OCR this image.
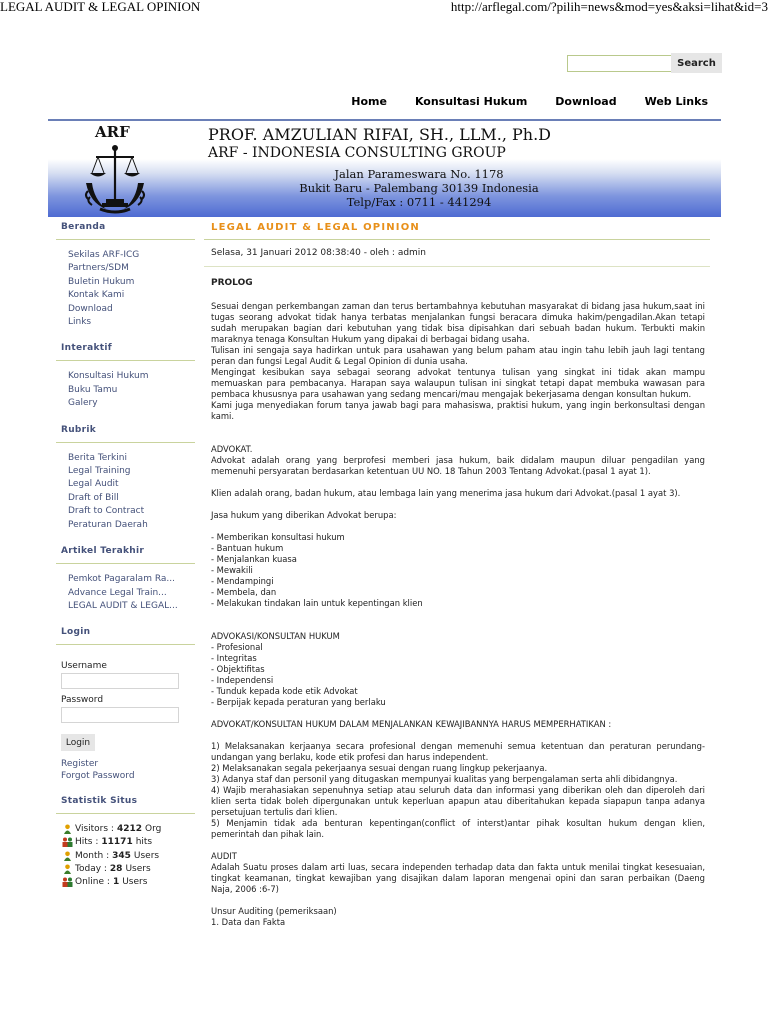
LEGAL AUDIT & LEGAL OPINION	http://arflegal.com/?pilih=news&mod=yes&aksi=lihat&id=3
Search
Home	Konsultasi Hukum	Download	Web Links
ARF	PROF. AMZULIAN RIFAI, SH., LLM., Ph.D
ARF - INDONESIA CONSULTING GROUP
Jalan Parameswara No. 1178
Bukit Baru - Palembang 30139 Indonesia
Telp/Fax : 0711 - 441294
Beranda
Sekilas ARF-ICG
Partners/SDM
Buletin Hukum
Kontak Kami
Download
Links
Interaktif
Konsultasi Hukum
Buku Tamu
Galery
Rubrik
Berita Terkini
Legal Training
Legal Audit
Draft of Bill
Draft to Contract
Peraturan Daerah
Artikel Terakhir
Pemkot Pagaralam Ra...
Advance Legal Train...
LEGAL AUDIT & LEGAL...
Login
Username
Password
Login
Register
Forgot Password
Statistik Situs
Visitors : 4212 Org
Hits : 11171 hits
Month : 345 Users
Today : 28 Users
Online : 1 Users
LEGAL AUDIT & LEGAL OPINION
Selasa, 31 Januari 2012 08:38:40 - oleh : admin
PROLOG
Sesuai dengan perkembangan zaman dan terus bertambahnya kebutuhan masyarakat di bidang jasa hukum,saat ini tugas seorang advokat tidak hanya terbatas menjalankan fungsi beracara dimuka hakim/pengadilan.Akan tetapi sudah merupakan bagian dari kebutuhan yang tidak bisa dipisahkan dari sebuah badan hukum. Terbukti makin maraknya tenaga Konsultan Hukum yang dipakai di berbagai bidang usaha.
Tulisan ini sengaja saya hadirkan untuk para usahawan yang belum paham atau ingin tahu lebih jauh lagi tentang peran dan fungsi Legal Audit & Legal Opinion di dunia usaha.
Mengingat kesibukan saya sebagai seorang advokat tentunya tulisan yang singkat ini tidak akan mampu memuaskan para pembacanya. Harapan saya walaupun tulisan ini singkat tetapi dapat membuka wawasan para pembaca khususnya para usahawan yang sedang mencari/mau mengajak bekerjasama dengan konsultan hukum.
Kami juga menyediakan forum tanya jawab bagi para mahasiswa, praktisi hukum, yang ingin berkonsultasi dengan kami.
ADVOKAT.
Advokat adalah orang yang berprofesi memberi jasa hukum, baik didalam maupun diluar pengadilan yang memenuhi persyaratan berdasarkan ketentuan UU NO. 18 Tahun 2003 Tentang Advokat.(pasal 1 ayat 1).
Klien adalah orang, badan hukum, atau lembaga lain yang menerima jasa hukum dari Advokat.(pasal 1 ayat 3).
Jasa hukum yang diberikan Advokat berupa:
- Memberikan konsultasi hukum
- Bantuan hukum
- Menjalankan kuasa
- Mewakili
- Mendampingi
- Membela, dan
- Melakukan tindakan lain untuk kepentingan klien
ADVOKASI/KONSULTAN HUKUM
- Profesional
- Integritas
- Objektifitas
- Independensi
- Tunduk kepada kode etik Advokat
- Berpijak kepada peraturan yang berlaku
ADVOKAT/KONSULTAN HUKUM DALAM MENJALANKAN KEWAJIBANNYA HARUS MEMPERHATIKAN :
1) Melaksanakan kerjaanya secara profesional dengan memenuhi semua ketentuan dan peraturan perundang-undangan yang berlaku, kode etik profesi dan harus independent.
2) Melaksanakan segala pekerjaanya sesuai dengan ruang lingkup pekerjaanya.
3) Adanya staf dan personil yang ditugaskan mempunyai kualitas yang berpengalaman serta ahli dibidangnya.
4) Wajib merahasiakan sepenuhnya setiap atau seluruh data dan informasi yang diberikan oleh dan diperoleh dari klien serta tidak boleh dipergunakan untuk keperluan apapun atau diberitahukan kepada siapapun tanpa adanya persetujuan tertulis dari klien.
5) Menjamin tidak ada benturan kepentingan(conflict of interst)antar pihak kosultan hukum dengan klien, pemerintah dan pihak lain.
AUDIT
Adalah Suatu proses dalam arti luas, secara independen terhadap data dan fakta untuk menilai tingkat kesesuaian, tingkat keamanan, tingkat kewajiban yang disajikan dalam laporan mengenai opini dan saran perbaikan (Daeng Naja, 2006 :6-7)
Unsur Auditing (pemeriksaan)
1. Data dan Fakta
